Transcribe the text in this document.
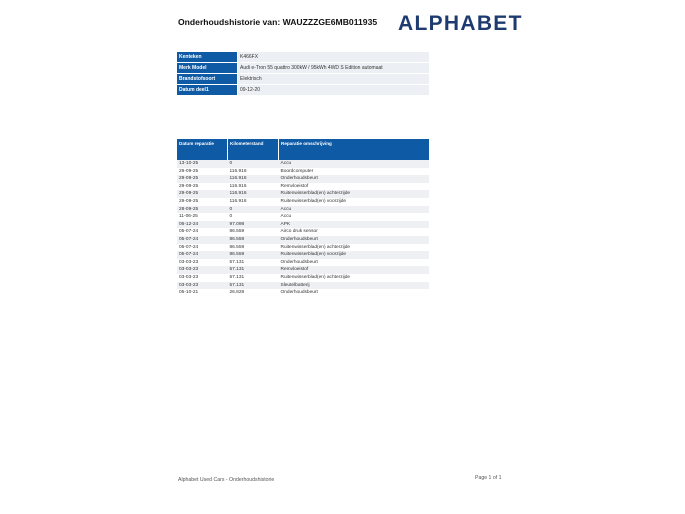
Onderhoudshistorie van: WAUZZZGE6MB011935 ALPHABET
Kenteken	K466FX
Merk Model	Audi e-Tron 55 quattro 300kW / 95kWh 4WD S Edition automaat
Brandstofsoort	Elektrisch
Datum deel1	09-12-20
Datum reparatie	Kilometerstand	Reparatie omschrijving
13-10-25	0	Accu
29-09-25	116.916	Boordcomputer
29-09-25	116.916	Onderhoudsbeurt
29-09-25	116.916	Remvloeistof
29-09-25	116.916	Ruitenwisserblad(en) achterzijde
29-09-25	116.916	Ruitenwisserblad(en) voorzijde
28-09-25	0	Accu
11-06-25	0	Accu
06-12-24	97.098	APK
05-07-24	86.559	Airco druk sensor
05-07-24	86.559	Onderhoudsbeurt
05-07-24	86.559	Ruitenwisserblad(en) achterzijde
05-07-24	86.559	Ruitenwisserblad(en) voorzijde
03-03-23	57.131	Onderhoudsbeurt
03-03-23	57.131	Remvloeistof
03-03-23	57.131	Ruitenwisserblad(en) achterzijde
03-03-23	57.131	Sleutelbatterij
05-10-21	26.828	Onderhoudsbeurt
Alphabet Used Cars - Onderhoudshistorie	Page 1 of 1
